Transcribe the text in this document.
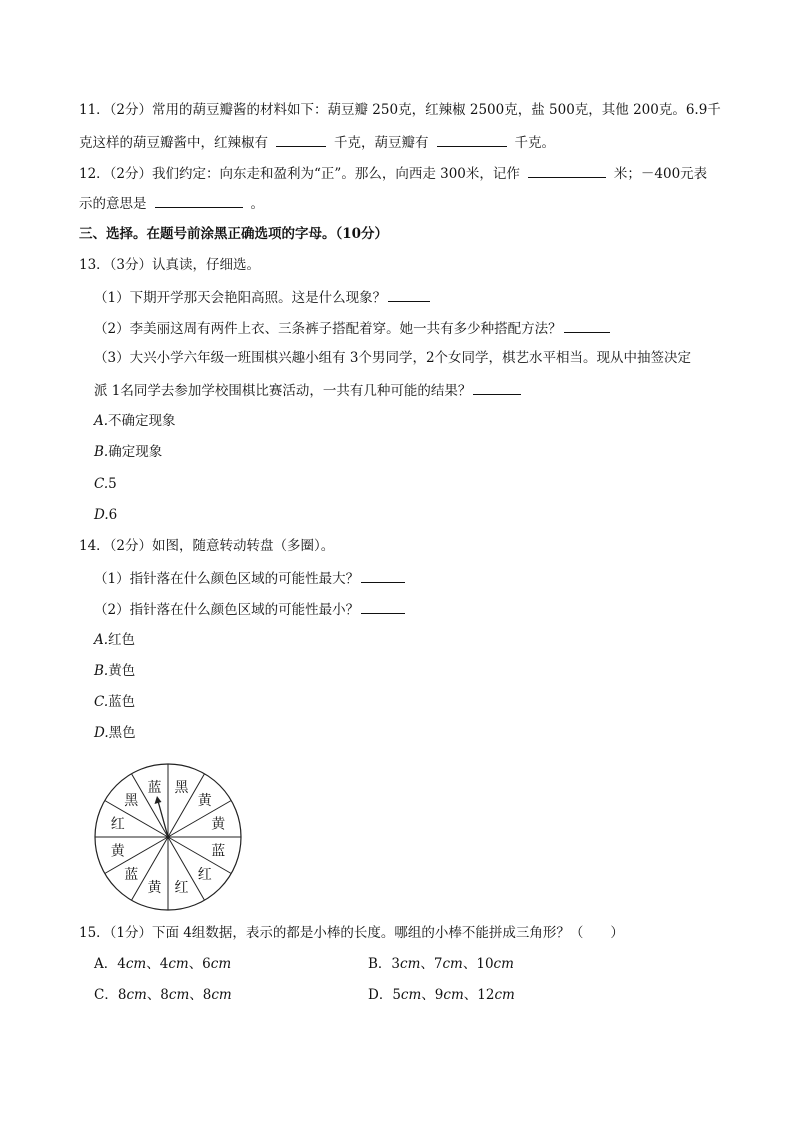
11．（2分）常用的葫豆瓣酱的材料如下：葫豆瓣 250克，红辣椒 2500克，盐 500克，其他 200克。6.9千
克这样的葫豆瓣酱中，红辣椒有	千克，葫豆瓣有	千克。
12．（2分）我们约定：向东走和盈利为“正”。那么，向西走 300米，记作	米；－400元表
示的意思是	。
三、选择。在题号前涂黑正确选项的字母。（10分）
13．（3分）认真读，仔细选。
（1）下期开学那天会艳阳高照。这是什么现象？
（2）李美丽这周有两件上衣、三条裤子搭配着穿。她一共有多少种搭配方法？
（3）大兴小学六年级一班围棋兴趣小组有 3个男同学，2个女同学，棋艺水平相当。现从中抽签决定
派 1名同学去参加学校围棋比赛活动，一共有几种可能的结果？
A.不确定现象
B.确定现象
C.5
D.6
14．（2分）如图，随意转动转盘（多圈）。
（1）指针落在什么颜色区域的可能性最大？
（2）指针落在什么颜色区域的可能性最小？
A.红色
B.黄色
C.蓝色
D.黑色
黑
黄
黄
蓝
红
红
黄
蓝
黄
红
黑
蓝
15．（1分）下面 4组数据，表示的都是小棒的长度。哪组的小棒不能拼成三角形？（　　）
A．4cm、4cm、6cm	B．3cm、7cm、10cm
C．8cm、8cm、8cm	D．5cm、9cm、12cm
